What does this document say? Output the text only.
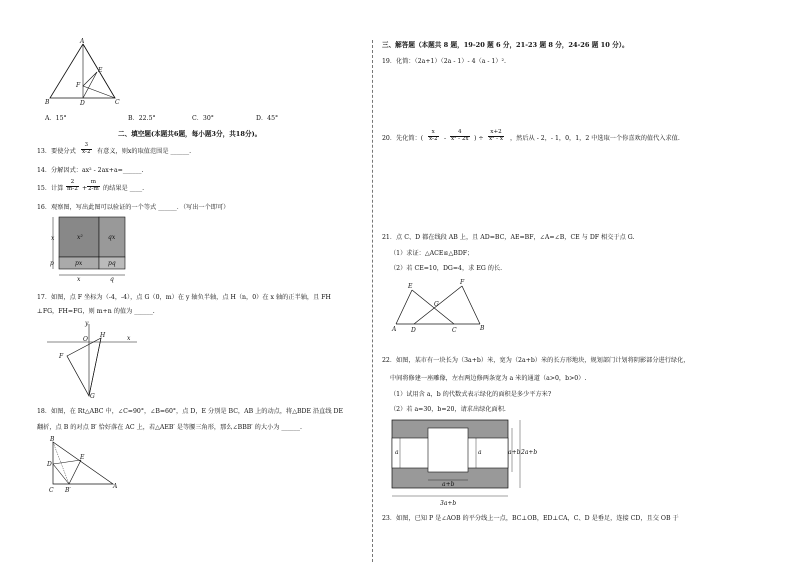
A
E
F
B	D	C
A．15°	B．22.5°	C．30°	D．45°
二、填空题(本题共6题，每小题3分，共18分)。
13．要使分式 $\frac{3}{x-2}$ 有意义，则x的取值范围是 ______.
14．分解因式：ax² - 2ax+a=______.
15．计算 $\frac{2}{m-2} + \frac{m}{2-m}$ 的结果是 ____.
16．观察图，写出此图可以验证的一个等式 ______．（写出一个即可）
x²	qx
px	pq
x
p
x	q
17．如图，点 F 坐标为（-4，-4），点 G（0，m）在 y 轴负半轴，点 H（n，0）在 x 轴的正半轴，且 FH
⊥FG，FH=FG，则 m+n 的值为 ______.
y
H
O	x
F
G
18．如图，在 Rt△ABC 中，∠C=90°，∠B=60°，点 D，E 分别是 BC，AB 上的动点，将△BDE 沿直线 DE
翻折，点 B 的对点 B′ 恰好落在 AC 上，若△AEB′ 是等腰三角形，那么∠BBB′ 的大小为 ______.
B
E
D
C B′
A
三、解答题（本题共 8 题，19-20 题 6 分，21-23 题 8 分，24-26 题 10 分）。
19．化简：（2a+1）（2a - 1）- 4（a - 1）².
20．先化简：( $\frac{x}{x-2} - \frac{4}{\text{x² - 2x}}$ ) ÷ $\frac{x+2}{\text{x² - x}}$ ，然后从 - 2，- 1，0，1，2 中选取一个你喜欢的值代入求值.
21．点 C、D 都在线段 AB 上，且 AD=BC，AE=BF，∠A=∠B，CE 与 DF 相交于点 G.
（1）求证：△ACE≌△BDF；
（2）若 CE=10，DG=4，求 EG 的长.
E
F
G
A D	C	B
22．如图，某市有一块长为（3a+b）米，宽为（2a+b）米的长方形地块，规划部门计划将阴影部分进行绿化，
中间将修建一座雕像，左右两边修两条宽为 a 米的通道（a>0，b>0）.
（1）试用含 a，b 的代数式表示绿化的面积是多少平方米?
（2）若 a=30，b=20，请求出绿化面积.
a	a	a+b 2a+b
a+b
3a+b
23．如图，已知 P 是∠AOB 的平分线上一点，BC⊥OB，ED⊥CA，C、D 是垂足，连接 CD，且交 OB 于
